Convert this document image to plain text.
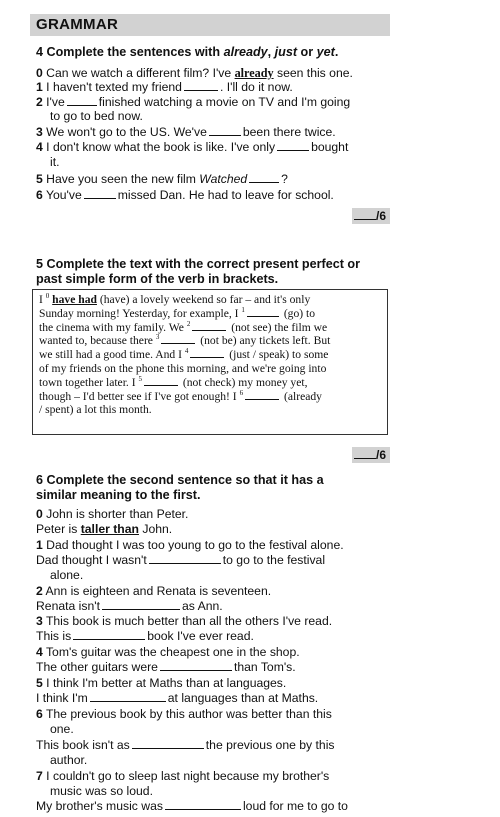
GRAMMAR
4 Complete the sentences with already, just or yet.
0 Can we watch a different film? I've already seen this one.
1 I haven't texted my friend	. I'll do it now.
2 I've	finished watching a movie on TV and I'm going
to go to bed now.
3 We won't go to the US. We've	been there twice.
4 I don't know what the book is like. I've only	bought
it.
5 Have you seen the new film Watched	?
6 You've	missed Dan. He had to leave for school.
/6
5 Complete the text with the correct present perfect or
past simple form of the verb in brackets.

I $^0$ have had (have) a lovely weekend so far – and it's only

Sunday morning! Yesterday, for example, I $^1$	(go) to

the cinema with my family. We $^2$	(not see) the film we

wanted to, because there $^3$	(not be) any tickets left. But

we still had a good time. And I $^4$	(just / speak) to some

of my friends on the phone this morning, and we're going into

town together later. I $^5$	(not check) my money yet,

though – I'd better see if I've got enough! I $^6$	(already

/ spent) a lot this month.

/6
6 Complete the second sentence so that it has a
similar meaning to the first.
0 John is shorter than Peter.
Peter is taller than John.
1 Dad thought I was too young to go to the festival alone.
Dad thought I wasn't	to go to the festival
alone.
2 Ann is eighteen and Renata is seventeen.
Renata isn't	as Ann.
3 This book is much better than all the others I've read.
This is	book I've ever read.
4 Tom's guitar was the cheapest one in the shop.
The other guitars were	than Tom's.
5 I think I'm better at Maths than at languages.
I think I'm	at languages than at Maths.
6 The previous book by this author was better than this
one.
This book isn't as	the previous one by this
author.
7 I couldn't go to sleep last night because my brother's
music was so loud.
My brother's music was	loud for me to go to
